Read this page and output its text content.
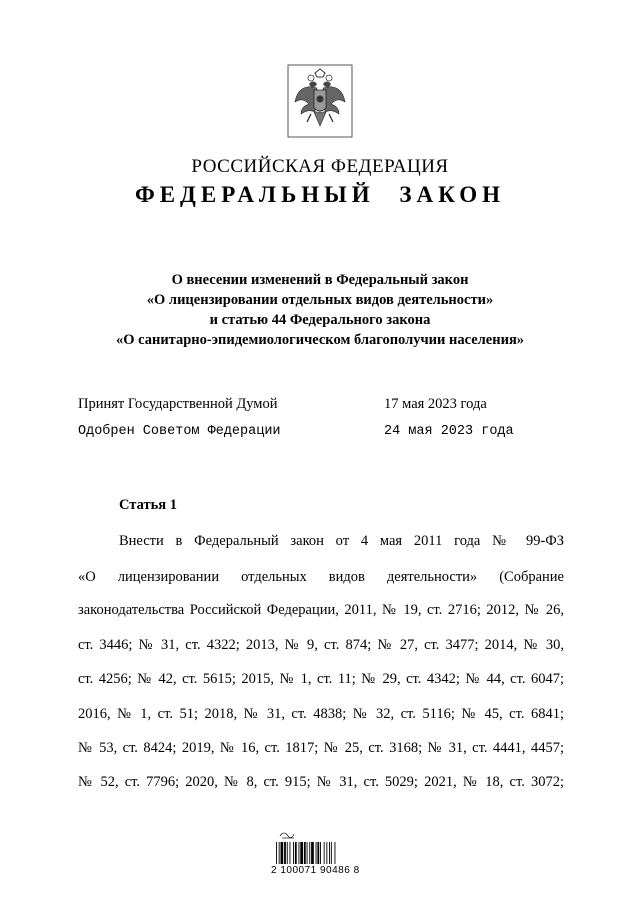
РОССИЙСКАЯ ФЕДЕРАЦИЯ
ФЕДЕРАЛЬНЫЙ ЗАКОН
О внесении изменений в Федеральный закон
«О лицензировании отдельных видов деятельности»
и статью 44 Федерального закона
«О санитарно-эпидемиологическом благополучии населения»
Принят Государственной Думой	17 мая 2023 года
Одобрен Советом Федерации	24 мая 2023 года
Статья 1
Внести в Федеральный закон от 4 мая 2011 года № 99-ФЗ
«О лицензировании отдельных видов деятельности» (Собрание
законодательства Российской Федерации, 2011, № 19, ст. 2716; 2012, № 26,
ст. 3446; № 31, ст. 4322; 2013, № 9, ст. 874; № 27, ст. 3477; 2014, № 30,
ст. 4256; № 42, ст. 5615; 2015, № 1, ст. 11; № 29, ст. 4342; № 44, ст. 6047;
2016, № 1, ст. 51; 2018, № 31, ст. 4838; № 32, ст. 5116; № 45, ст. 6841;
№ 53, ст. 8424; 2019, № 16, ст. 1817; № 25, ст. 3168; № 31, ст. 4441, 4457;
№ 52, ст. 7796; 2020, № 8, ст. 915; № 31, ст. 5029; 2021, № 18, ст. 3072;
2 100071 90486 8
